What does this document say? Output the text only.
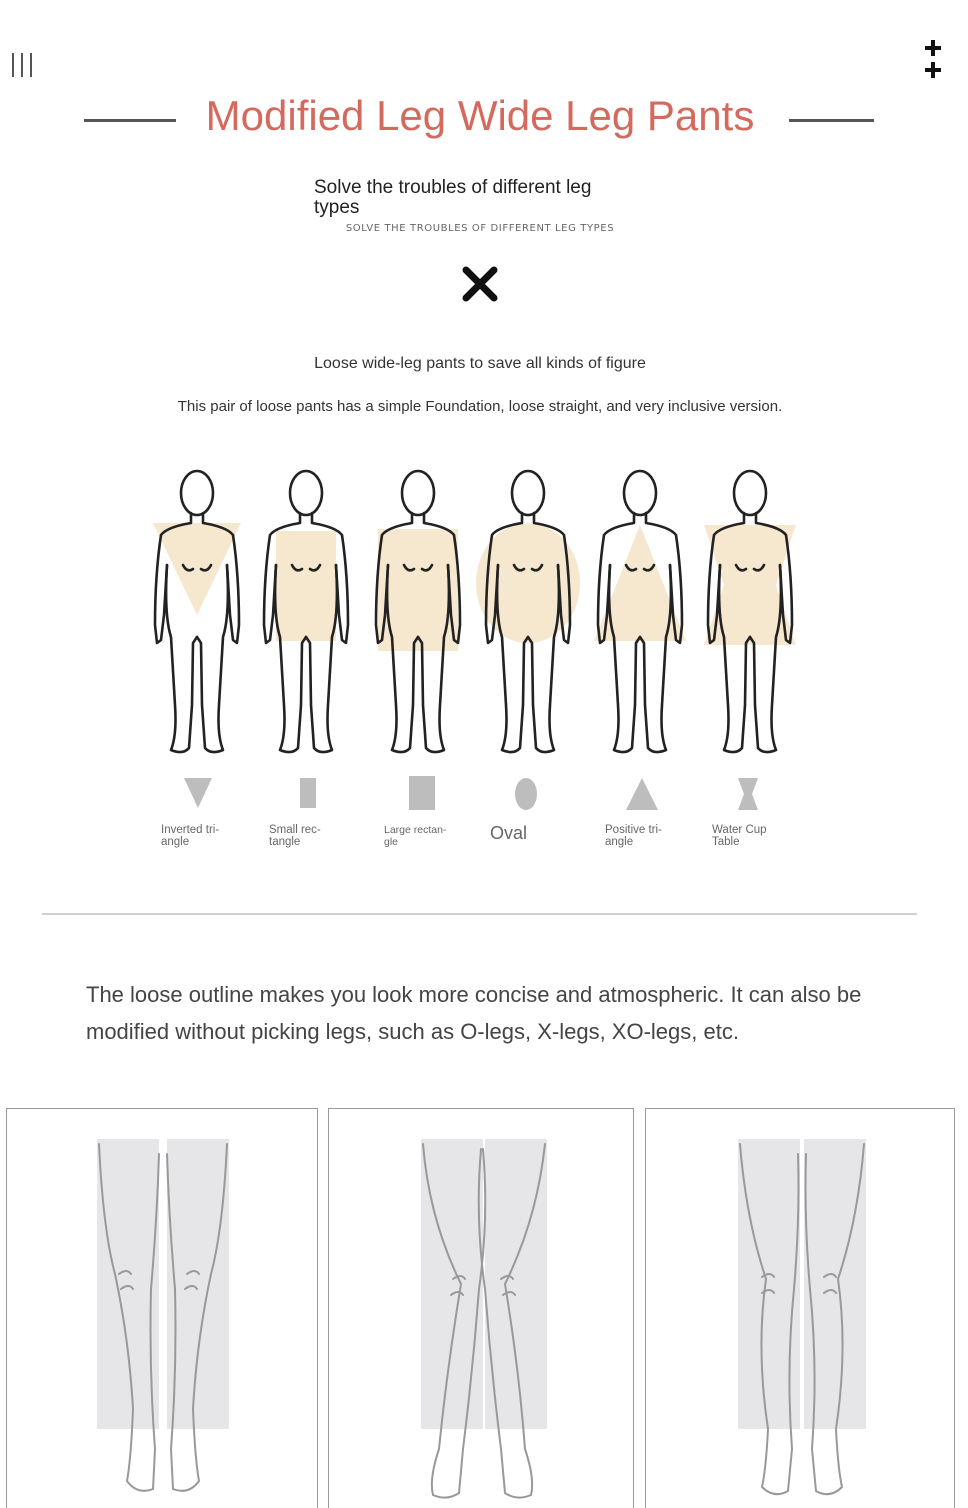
Modified Leg Wide Leg Pants
Solve the troubles of different leg types
SOLVE THE TROUBLES OF DIFFERENT LEG TYPES
Loose wide-leg pants to save all kinds of figure
This pair of loose pants has a simple Foundation, loose straight, and very inclusive version.
Inverted tri-
angle
Small rec-
tangle
Large rectan-
gle	Oval	Positive tri-
angle
Water Cup
Table
The loose outline makes you look more concise and atmospheric. It can also be modified without picking legs, such as O-legs, X-legs, XO-legs, etc.
